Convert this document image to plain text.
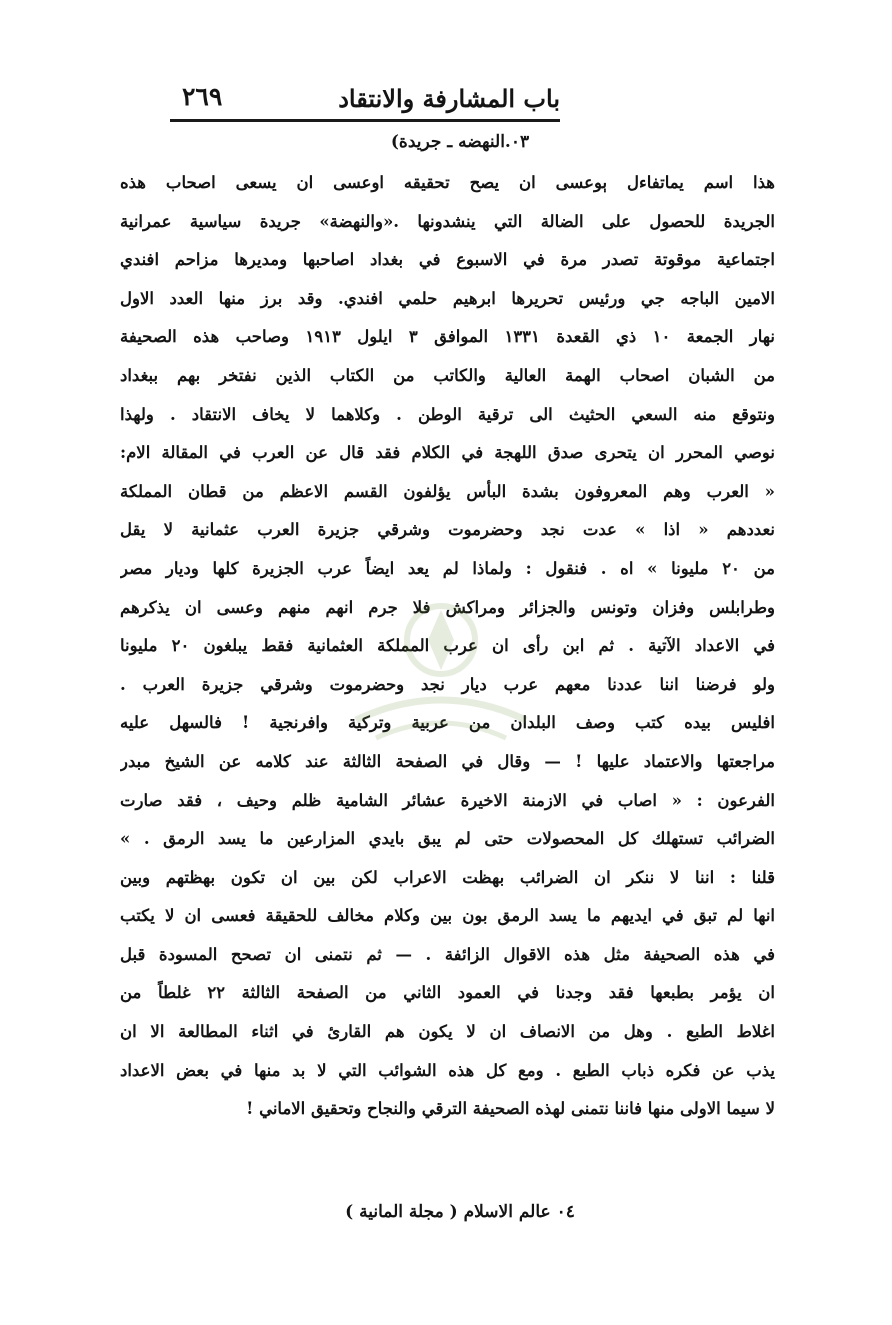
باب المشارفة والانتقاد
٢٦٩
٠٣.النهضه ـ جريدة)
هذا اسم يماتفاءل ٻوعسى ان يصح تحقيقه اوعسى ان يسعى اصحاب هذه
الجريدة للحصول على الضالة التي ينشدونها .«والنهضة» جريدة سياسية عمرانية
اجتماعية موقوتة تصدر مرة في الاسبوع في بغداد اصاحبها ومديرها مزاحم افندي
الامين الباجه جي ورئيس تحريرها ابرهيم حلمي افندي. وقد برز منها العدد الاول
نهار الجمعة ١٠ ذي القعدة ١٣٣١ الموافق ٣ ايلول ١٩١٣ وصاحب هذه الصحيفة
من الشبان اصحاب الهمة العالية والكاتب من الكتاب الذين نفتخر بهم ببغداد
ونتوقع منه السعي الحثيث الى ترقية الوطن . وكلاهما لا يخاف الانتقاد . ولهذا
نوصي المحرر ان يتحرى صدق اللهجة في الكلام فقد قال عن العرب في المقالة الام:
« العرب وهم المعروفون بشدة البأس يؤلفون القسم الاعظم من قطان المملكة
نعددهم « اذا » عدت نجد وحضرموت وشرقي جزيرة العرب عثمانية لا يقل
من ٢٠ مليونا » اه . فنقول : ولماذا لم يعد ايضاً عرب الجزيرة كلها وديار مصر
وطرابلس وفزان وتونس والجزائر ومراكش فلا جرم انهم منهم وعسى ان يذكرهم
في الاعداد الآتية . ثم ابن رأى ان عرب المملكة العثمانية فقط يبلغون ٢٠ مليونا
ولو فرضنا اننا عددنا معهم عرب ديار نجد وحضرموت وشرقي جزيرة العرب .
افليس بيده كتب وصف البلدان من عربية وتركية وافرنجية ! فالسهل عليه
مراجعتها والاعتماد عليها ! — وقال في الصفحة الثالثة عند كلامه عن الشيخ مبدر
الفرعون : « اصاب في الازمنة الاخيرة عشائر الشامية ظلم وحيف ، فقد صارت
الضرائب تستهلك كل المحصولات حتى لم يبق بايدي المزارعين ما يسد الرمق . »
قلنا : اننا لا ننكر ان الضرائب بهظت الاعراب لكن بين ان تكون بهظتهم وبين
انها لم تبق في ايديهم ما يسد الرمق بون بين وكلام مخالف للحقيقة فعسى ان لا يكتب
في هذه الصحيفة مثل هذه الاقوال الزائفة . — ثم نتمنى ان تصحح المسودة قبل
ان يؤمر بطبعها فقد وجدنا في العمود الثاني من الصفحة الثالثة ٢٢ غلطاً من
اغلاط الطبع . وهل من الانصاف ان لا يكون هم القارئ في اثناء المطالعة الا ان
يذب عن فكره ذباب الطبع . ومع كل هذه الشوائب التي لا بد منها في بعض الاعداد
لا سيما الاولى منها فاننا نتمنى لهذه الصحيفة الترقي والنجاح وتحقيق الاماني !
٠٤ عالم الاسلام ( مجلة المانية )
